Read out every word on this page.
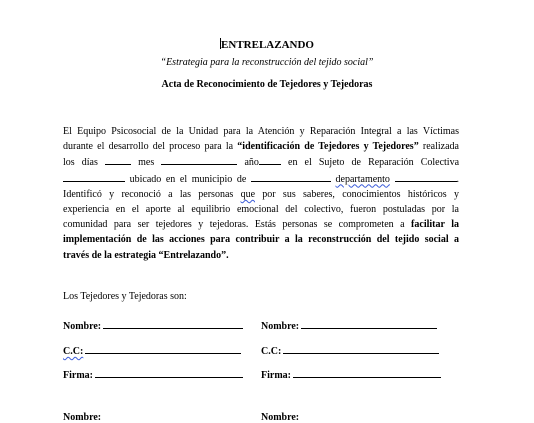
ENTRELAZANDO
“Estrategia para la reconstrucción del tejido social”
Acta de Reconocimiento de Tejedores y Tejedoras
El Equipo Psicosocial de la Unidad para la Atención y Reparación Integral a las Víctimas
durante el desarrollo del proceso para la “identificación de Tejedores y Tejedores” realizada
los días	mes	año	en el Sujeto de Reparación Colectiva
ubicado en el municipio de	departamento	.
Identificó y reconoció a las personas que por sus saberes, conocimientos históricos y
experiencia en el aporte al equilibrio emocional del colectivo, fueron postuladas por la
comunidad para ser tejedores y tejedoras. Estás personas se comprometen a facilitar la
implementación de las acciones para contribuir a la reconstrucción del tejido social a
través de la estrategia “Entrelazando”.
Los Tejedores y Tejedoras son:
Nombre:	Nombre:
C.C:	C.C:
Firma:	Firma:
Nombre:	Nombre:
